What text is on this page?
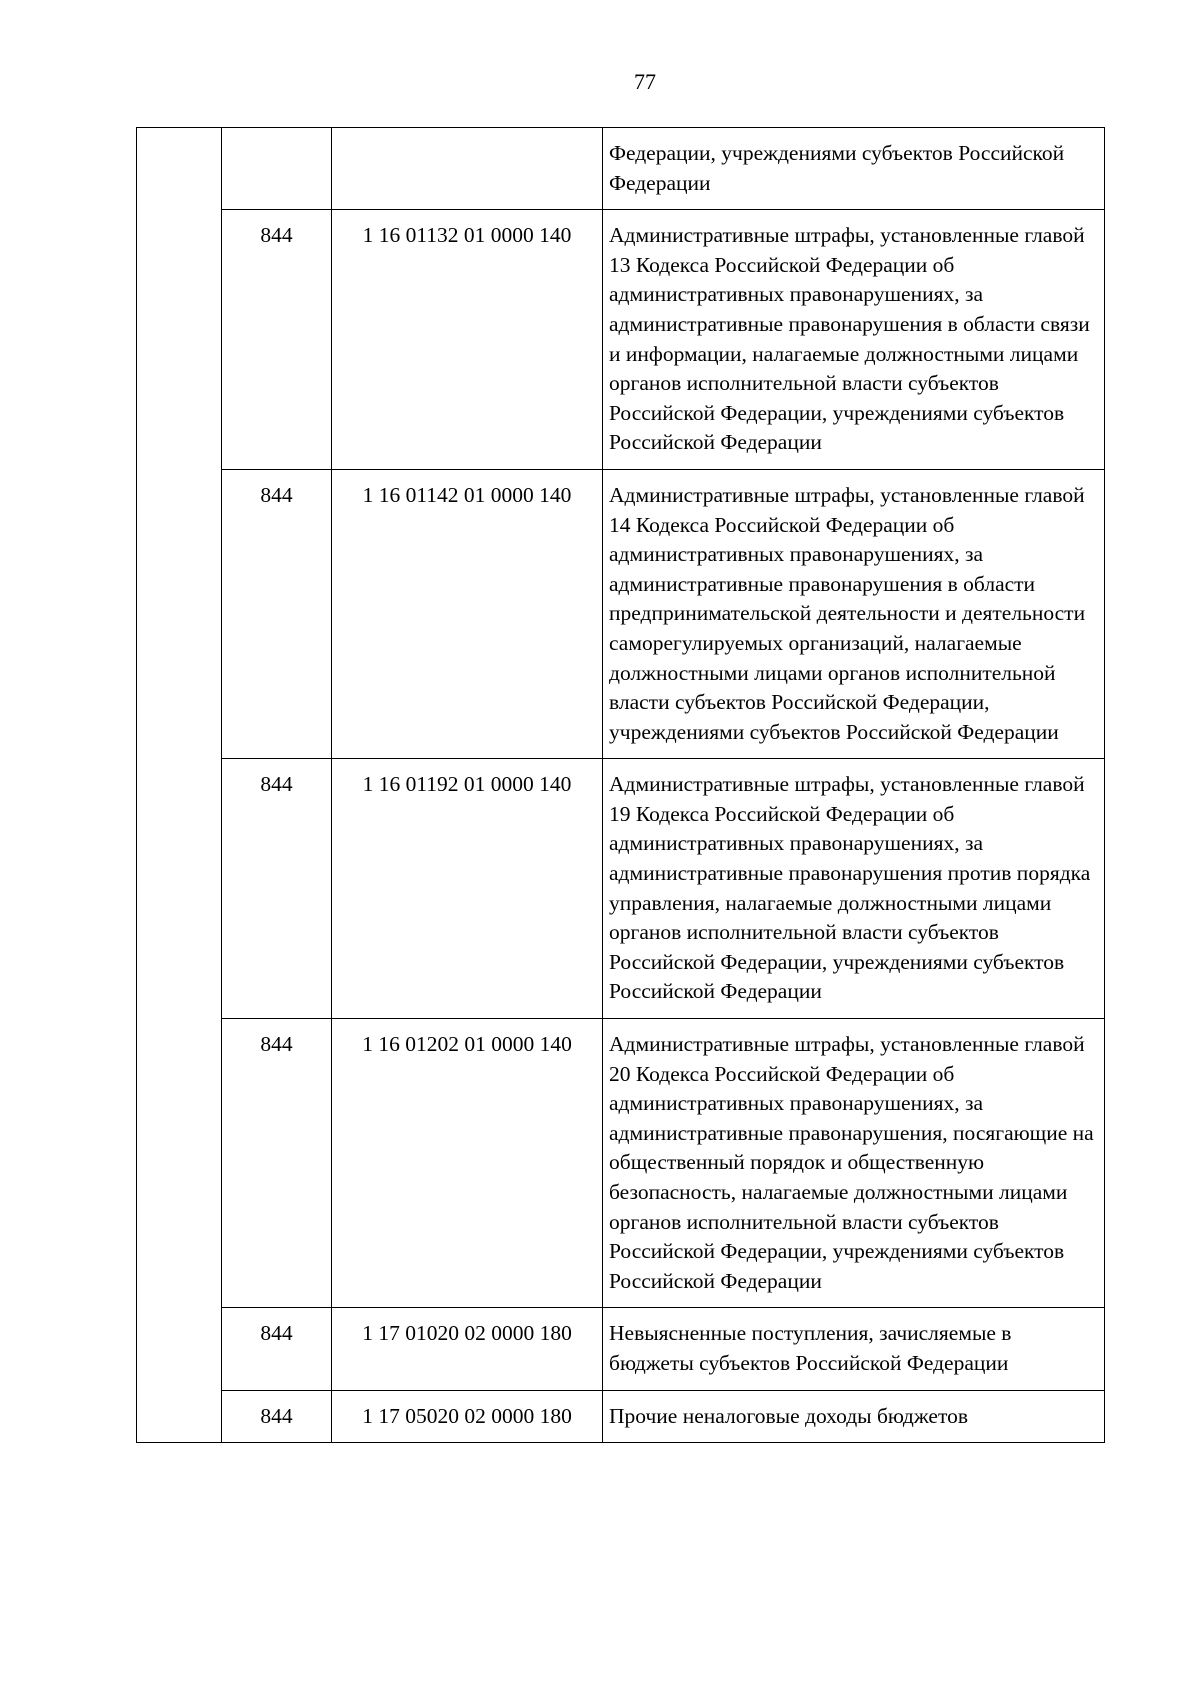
77
			Федерации, учреждениями субъектов Российской Федерации
	844	1 16 01132 01 0000 140	Административные штрафы, установленные главой 13 Кодекса Российской Федерации об административных правонарушениях, за административные правонарушения в области связи и информации, налагаемые должностными лицами органов исполнительной власти субъектов Российской Федерации, учреждениями субъектов Российской Федерации
	844	1 16 01142 01 0000 140	Административные штрафы, установленные главой 14 Кодекса Российской Федерации об административных правонарушениях, за административные правонарушения в области предпринимательской деятельности и деятельности саморегулируемых организаций, налагаемые должностными лицами органов исполнительной власти субъектов Российской Федерации, учреждениями субъектов Российской Федерации
	844	1 16 01192 01 0000 140	Административные штрафы, установленные главой 19 Кодекса Российской Федерации об административных правонарушениях, за административные правонарушения против порядка управления, налагаемые должностными лицами органов исполнительной власти субъектов Российской Федерации, учреждениями субъектов Российской Федерации
	844	1 16 01202 01 0000 140	Административные штрафы, установленные главой 20 Кодекса Российской Федерации об административных правонарушениях, за административные правонарушения, посягающие на общественный порядок и общественную безопасность, налагаемые должностными лицами органов исполнительной власти субъектов Российской Федерации, учреждениями субъектов Российской Федерации
	844	1 17 01020 02 0000 180	Невыясненные поступления, зачисляемые в бюджеты субъектов Российской Федерации
	844	1 17 05020 02 0000 180	Прочие неналоговые доходы бюджетов
